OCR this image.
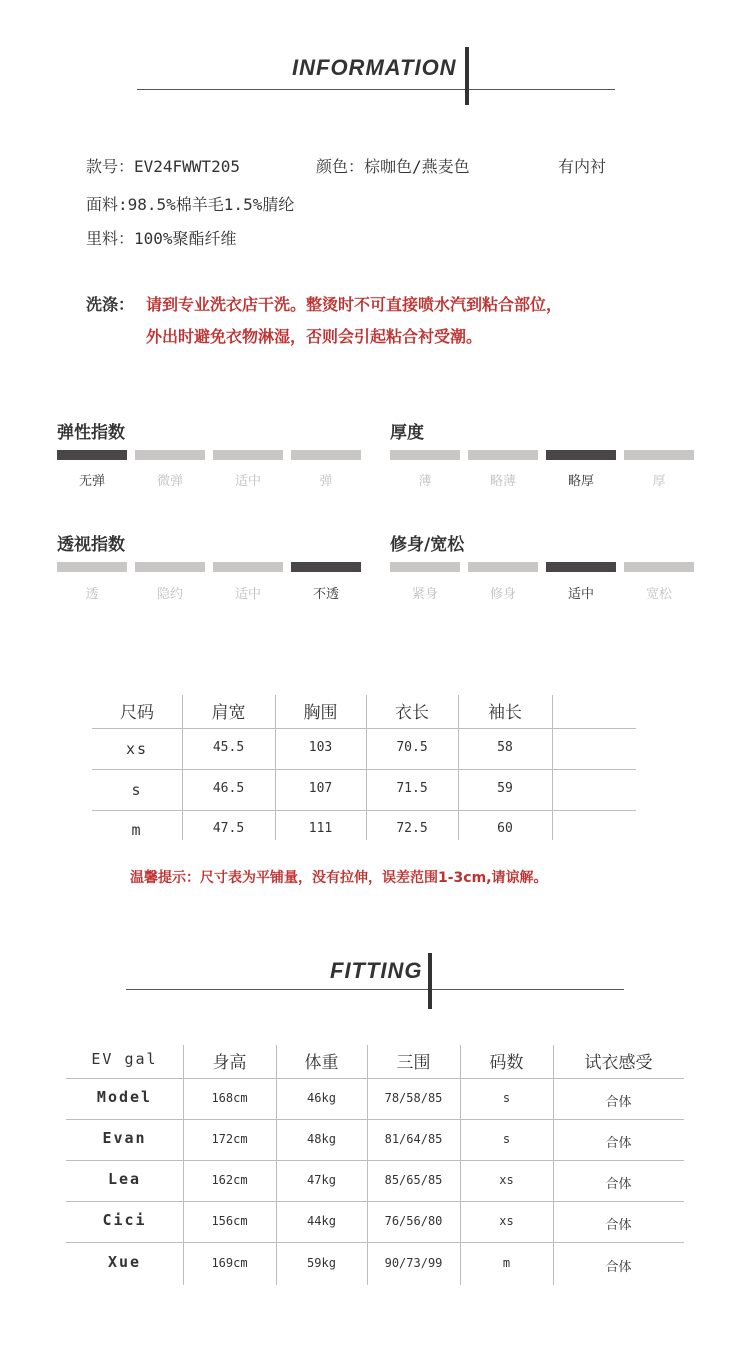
INFORMATION
款号：EV24FWWT205	颜色：棕咖色/燕麦色	有内衬
面料:98.5%棉羊毛1.5%腈纶
里料：100%聚酯纤维
洗涤： 请到专业洗衣店干洗。整烫时不可直接喷水汽到粘合部位，
外出时避免衣物淋湿，否则会引起粘合衬受潮。
弹性指数
无弹	微弹	适中	弹
厚度
薄	略薄	略厚	厚
透视指数
透	隐约	适中	不透
修身/宽松
紧身	修身	适中	宽松
尺码	肩宽	胸围	衣长	袖长
xs	45.5	103	70.5	58
s	46.5	107	71.5	59
m	47.5	111	72.5	60
温馨提示：尺寸表为平铺量，没有拉伸，误差范围1-3cm,请谅解。
FITTING
EV gal	身高	体重	三围	码数	试衣感受
Model	168cm	46kg	78/58/85	s	合体
Evan	172cm	48kg	81/64/85	s	合体
Lea	162cm	47kg	85/65/85	xs	合体
Cici	156cm	44kg	76/56/80	xs	合体
Xue	169cm	59kg	90/73/99	m	合体
